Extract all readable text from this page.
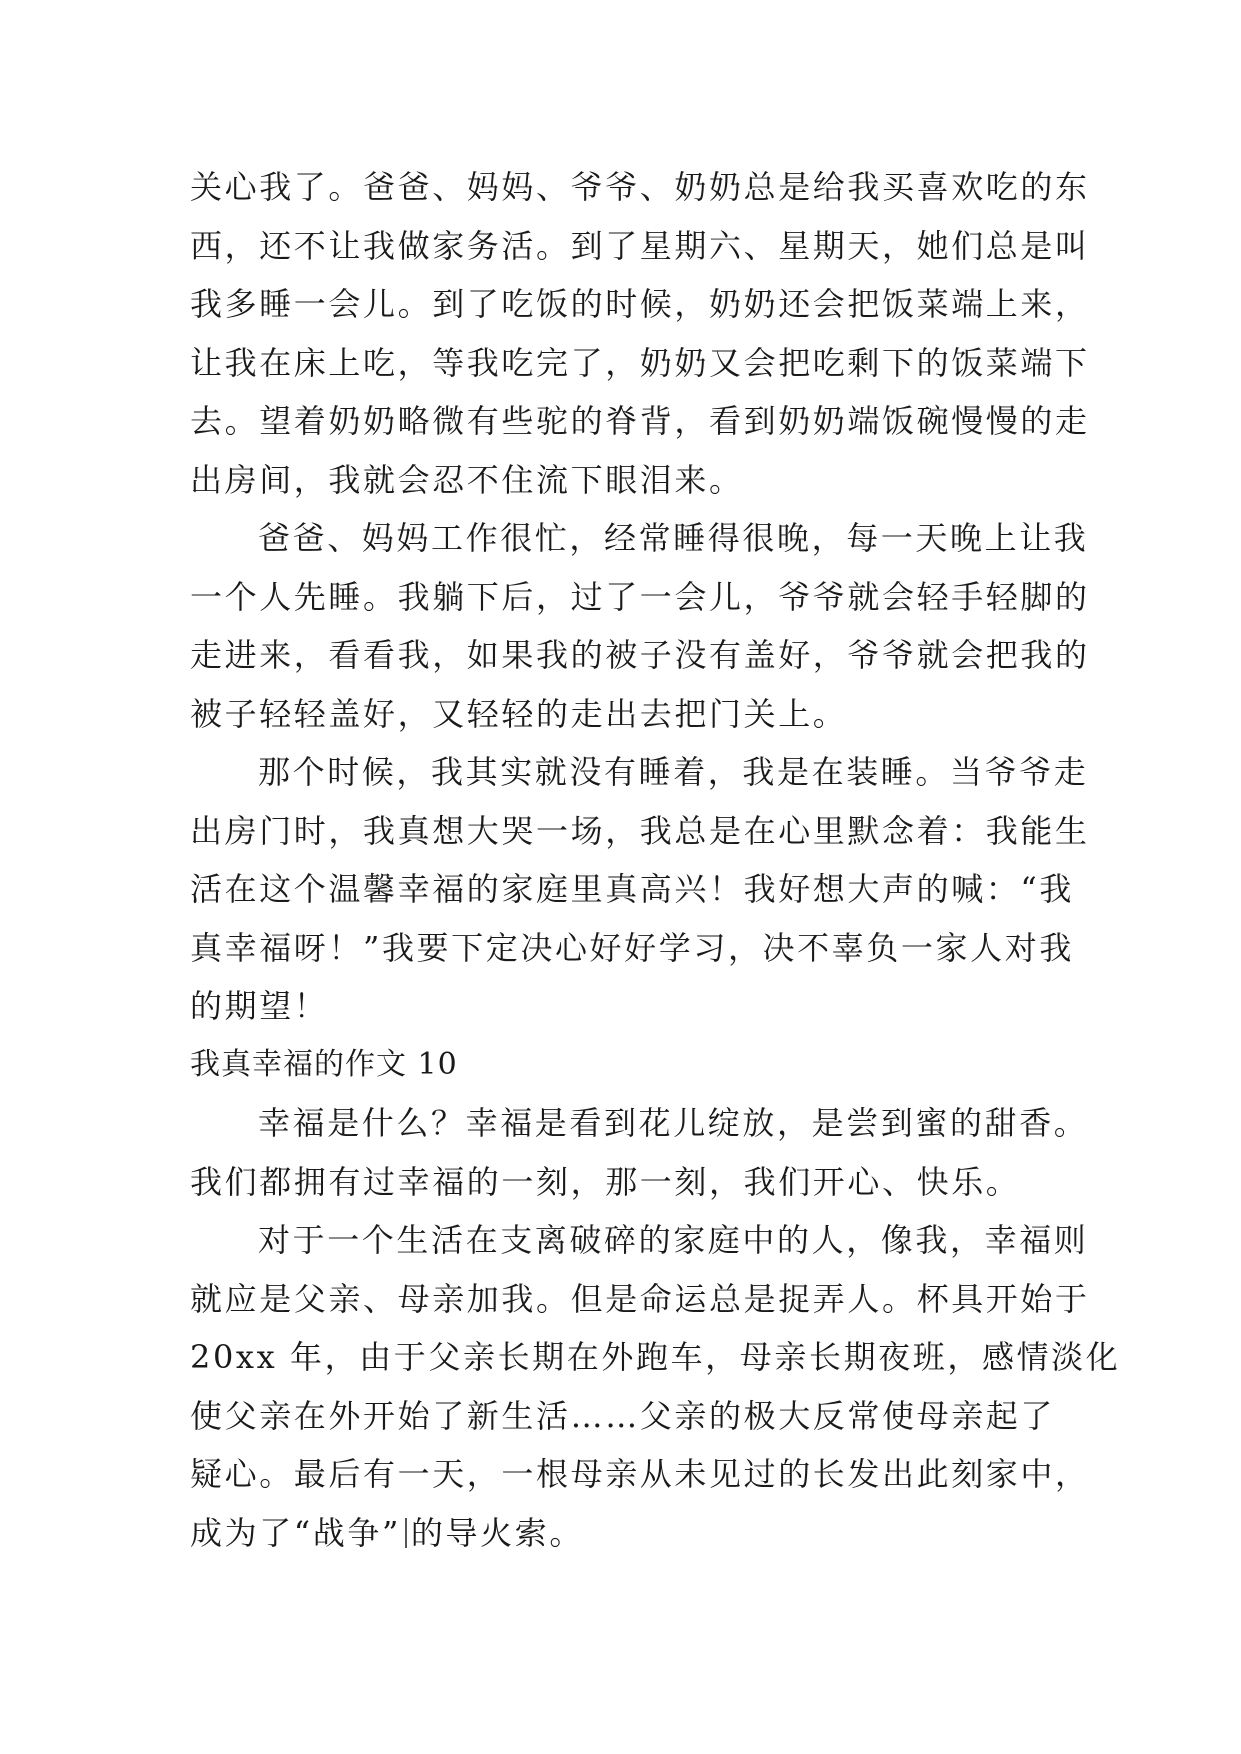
关心我了。爸爸、妈妈、爷爷、奶奶总是给我买喜欢吃的东
西，还不让我做家务活。到了星期六、星期天，她们总是叫
我多睡一会儿。到了吃饭的时候，奶奶还会把饭菜端上来，
让我在床上吃，等我吃完了，奶奶又会把吃剩下的饭菜端下
去。望着奶奶略微有些驼的脊背，看到奶奶端饭碗慢慢的走
出房间，我就会忍不住流下眼泪来。
爸爸、妈妈工作很忙，经常睡得很晚，每一天晚上让我
一个人先睡。我躺下后，过了一会儿，爷爷就会轻手轻脚的
走进来，看看我，如果我的被子没有盖好，爷爷就会把我的
被子轻轻盖好，又轻轻的走出去把门关上。
那个时候，我其实就没有睡着，我是在装睡。当爷爷走
出房门时，我真想大哭一场，我总是在心里默念着：我能生
活在这个温馨幸福的家庭里真高兴！我好想大声的喊：“我
真幸福呀！”我要下定决心好好学习，决不辜负一家人对我
的期望！
我真幸福的作文 10
幸福是什么？幸福是看到花儿绽放，是尝到蜜的甜香。
我们都拥有过幸福的一刻，那一刻，我们开心、快乐。
对于一个生活在支离破碎的家庭中的人，像我，幸福则
就应是父亲、母亲加我。但是命运总是捉弄人。杯具开始于
20xx 年，由于父亲长期在外跑车，母亲长期夜班，感情淡化
使父亲在外开始了新生活……父亲的极大反常使母亲起了
疑心。最后有一天，一根母亲从未见过的长发出此刻家中，
成为了“战争” 的导火索。
